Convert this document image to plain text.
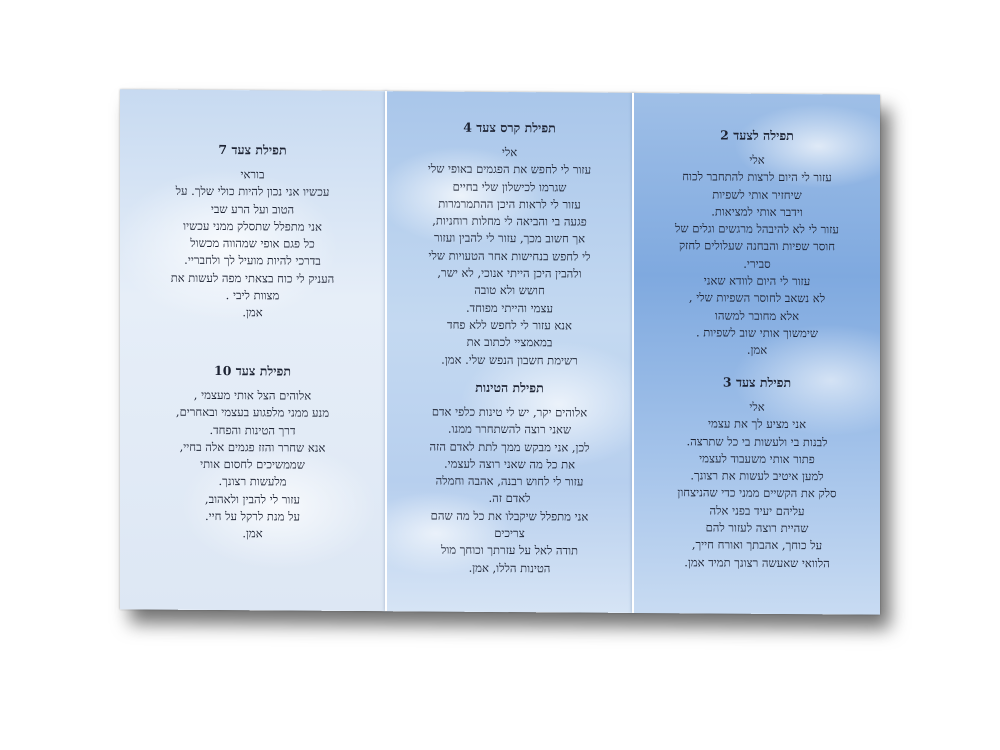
תפילת צעד 7
בוראי
עכשיו אני נכון להיות כולי שלך. על
הטוב ועל הרע שבי
אני מתפלל שתסלק ממני עכשיו
כל פגם אופי שמהווה מכשול
בדרכי להיות מועיל לך ולחבריי.
העניק לי כוח בצאתי מפה לעשות את
מצוות ליבי .
אמן.
תפילת צעד 10
אלוהים הצל אותי מעצמי ,
מנע ממני מלפגוע בעצמי ובאחרים,
דרך הטינות והפחד.
אנא שחרר והזז פגמים אלה בחיי,
שממשיכים לחסום אותי
מלעשות רצונך.
עזור לי להבין ולאהוב,
על מנת לרקל על חיי.
אמן.
תפילת קרס צעד 4
אלי
עזור לי לחפש את הפגמים באופי שלי
שגרמו לכישלון שלי בחיים
עזור לי לראות היכן ההתמרמרות
פגעה בי והביאה לי מחלות רוחניות,
אך חשוב מכך, עזור לי להבין ועזור
לי לחפש בנחישות אחר הטעויות שלי
ולהבין היכן הייתי אנוכי, לא ישר,
חושש ולא טובה
עצמי והייתי מפוחד.
אנא עזור לי לחפש ללא פחד
במאמציי לכתוב את
רשימת חשבון הנפש שלי. אמן.
תפילת הטינות
אלוהים יקר, יש לי טינות כלפי אדם
שאני רוצה להשתחרר ממנו.
לכן, אני מבקש ממך לתת לאדם הזה
את כל מה שאני רוצה לעצמי.
עזור לי לחוש רבנה, אהבה וחמלה
לאדם זה.
אני מתפלל שיקבלו את כל מה שהם
צריכים
תודה לאל על עזרתך וכוחך מול
הטינות הללו, אמן.
תפילה לצעד 2
אלי
עזור לי היום לרצות להתחבר לכוח
שיחזיר אותי לשפיות
וידבר אותי למציאות.
עזור לי לא להיבהל מרגשים וגלים של
חוסר שפיות והבחנה שעלולים לחזק
סבירי.
עזור לי היום לוודא שאני
לא נשאב לחוסר השפיות שלי ,
אלא מחובר למשהו
שימשוך אותי שוב לשפיות .
אמן.
תפילת צעד 3
אלי
אני מציע לך את עצמי
לבנות בי ולעשות בי כל שתרצה.
פתור אותי משעבוד לעצמי
למען איטיב לעשות את רצונך.
סלק את הקשיים ממני כדי שהניצחון
עליהם יעיד בפני אלה
שהיית רוצה לעזור להם
על כוחך, אהבתך ואורח חייך,
הלוואי שאעשה רצונך תמיד אמן.
